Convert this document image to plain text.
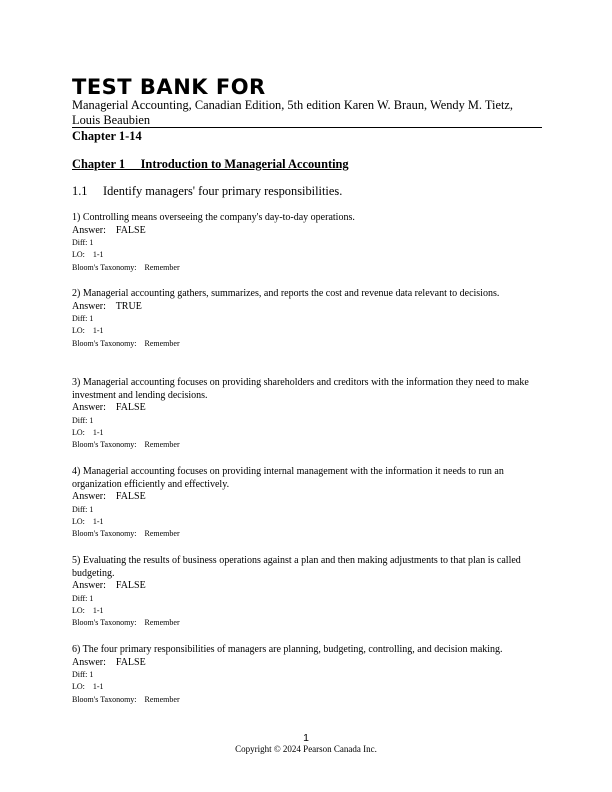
TEST BANK FOR

Managerial Accounting, Canadian Edition, 5th edition Karen W. Braun, Wendy M. Tietz, Louis Beaubien

Chapter 1-14
Chapter 1     Introduction to Managerial Accounting
1.1     Identify managers' four primary responsibilities.

1) Controlling means overseeing the company's day-to-day operations.

Answer:    FALSE

Diff: 1

LO:    1-1

Bloom's Taxonomy:    Remember

2) Managerial accounting gathers, summarizes, and reports the cost and revenue data relevant to decisions.

Answer:    TRUE

Diff: 1

LO:    1-1

Bloom's Taxonomy:    Remember

3) Managerial accounting focuses on providing shareholders and creditors with the information they need to make investment and lending decisions.

Answer:    FALSE

Diff: 1

LO:    1-1

Bloom's Taxonomy:    Remember

4) Managerial accounting focuses on providing internal management with the information it needs to run an organization efficiently and effectively.

Answer:    FALSE

Diff: 1

LO:    1-1

Bloom's Taxonomy:    Remember

5) Evaluating the results of business operations against a plan and then making adjustments to that plan is called budgeting.

Answer:    FALSE

Diff: 1

LO:    1-1

Bloom's Taxonomy:    Remember

6) The four primary responsibilities of managers are planning, budgeting, controlling, and decision making.

Answer:    FALSE

Diff: 1

LO:    1-1

Bloom's Taxonomy:    Remember

1
Copyright © 2024 Pearson Canada Inc.
